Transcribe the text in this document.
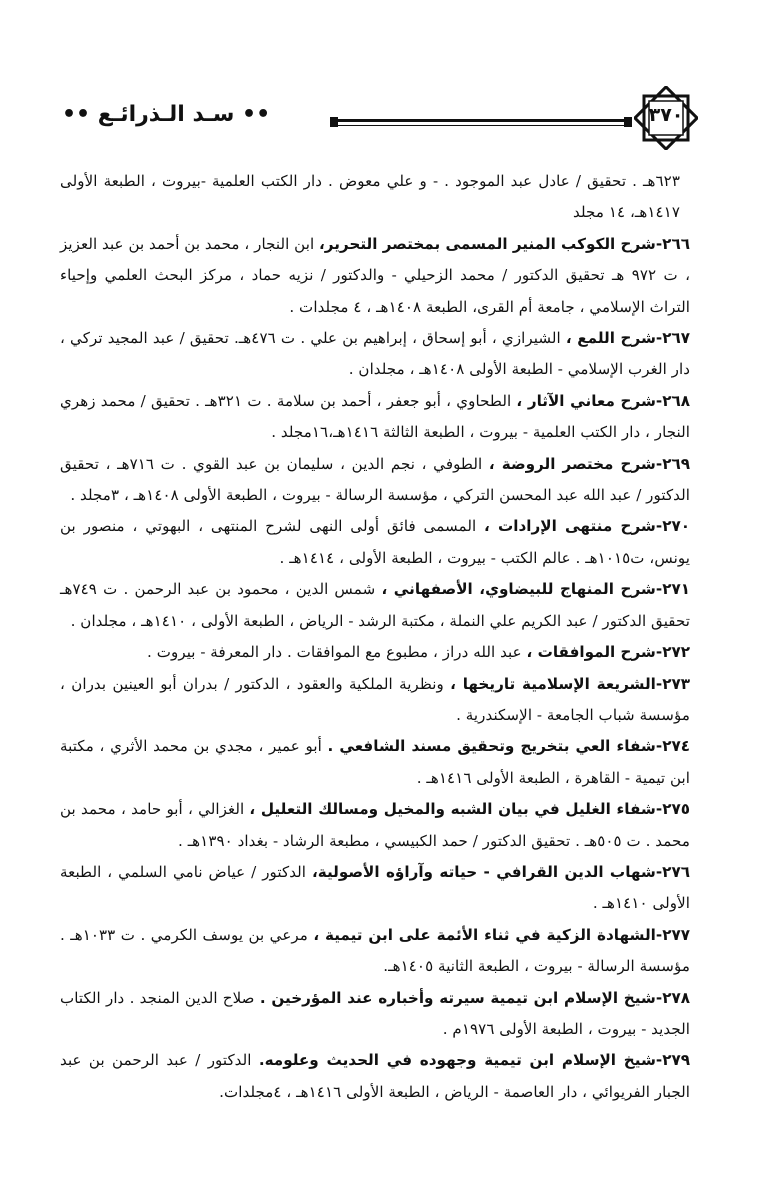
•• سـد الـذرائـع ••	٣٧٠

٦٢٣هـ . تحقيق / عادل عبد الموجود . - و علي معوض . دار الكتب العلمية -بيروت ، الطبعة الأولى ١٤١٧هـ، ١٤ مجلد

٢٦٦-شرح الكوكب المنير المسمى بمختصر التحرير، ابن النجار ، محمد بن أحمد بن عبد العزيز ، ت ٩٧٢ هـ تحقيق الدكتور / محمد الزحيلي - والدكتور / نزيه حماد ، مركز البحث العلمي وإحياء التراث الإسلامي ، جامعة أم القرى، الطبعة ١٤٠٨هـ ، ٤ مجلدات .

٢٦٧-شرح اللمع ، الشيرازي ، أبو إسحاق ، إبراهيم بن علي . ت ٤٧٦هـ. تحقيق / عبد المجيد تركي ، دار الغرب الإسلامي - الطبعة الأولى ١٤٠٨هـ ، مجلدان .

٢٦٨-شرح معاني الآثار ، الطحاوي ، أبو جعفر ، أحمد بن سلامة . ت ٣٢١هـ . تحقيق / محمد زهري النجار ، دار الكتب العلمية - بيروت ، الطبعة الثالثة ١٤١٦هـ،١٦مجلد .

٢٦٩-شرح مختصر الروضة ، الطوفي ، نجم الدين ، سليمان بن عبد القوي . ت ٧١٦هـ ، تحقيق الدكتور / عبد الله عبد المحسن التركي ، مؤسسة الرسالة - بيروت ، الطبعة الأولى ١٤٠٨هـ ، ٣مجلد .

٢٧٠-شرح منتهى الإرادات ، المسمى فائق أولى النهى لشرح المنتهى ، البهوتي ، منصور بن يونس، ت١٠١٥هـ . عالم الكتب - بيروت ، الطبعة الأولى ، ١٤١٤هـ .

٢٧١-شرح المنهاج للبيضاوي، الأصفهاني ، شمس الدين ، محمود بن عبد الرحمن . ت ٧٤٩هـ تحقيق الدكتور / عبد الكريم علي النملة ، مكتبة الرشد - الرياض ، الطبعة الأولى ، ١٤١٠هـ ، مجلدان .

٢٧٢-شرح الموافقات ، عبد الله دراز ، مطبوع مع الموافقات . دار المعرفة - بيروت .

٢٧٣-الشريعة الإسلامية تاريخها ، ونظرية الملكية والعقود ، الدكتور / بدران أبو العينين بدران ، مؤسسة شباب الجامعة - الإسكندرية .

٢٧٤-شفاء العي بتخريج وتحقيق مسند الشافعي . أبو عمير ، مجدي بن محمد الأثري ، مكتبة ابن تيمية - القاهرة ، الطبعة الأولى ١٤١٦هـ .

٢٧٥-شفاء الغليل في بيان الشبه والمخيل ومسالك التعليل ، الغزالي ، أبو حامد ، محمد بن محمد . ت ٥٠٥هـ . تحقيق الدكتور / حمد الكبيسي ، مطبعة الرشاد - بغداد ١٣٩٠هـ .

٢٧٦-شهاب الدين القرافي - حياته وآراؤه الأصولية، الدكتور / عياض نامي السلمي ، الطبعة الأولى ١٤١٠هـ .

٢٧٧-الشهادة الزكية في ثناء الأئمة على ابن تيمية ، مرعي بن يوسف الكرمي . ت ١٠٣٣هـ . مؤسسة الرسالة - بيروت ، الطبعة الثانية ١٤٠٥هـ.

٢٧٨-شيخ الإسلام ابن تيمية سيرته وأخباره عند المؤرخين . صلاح الدين المنجد . دار الكتاب الجديد - بيروت ، الطبعة الأولى ١٩٧٦م .

٢٧٩-شيخ الإسلام ابن تيمية وجهوده في الحديث وعلومه. الدكتور / عبد الرحمن بن عبد الجبار الفريوائي ، دار العاصمة - الرياض ، الطبعة الأولى ١٤١٦هـ ، ٤مجلدات.
